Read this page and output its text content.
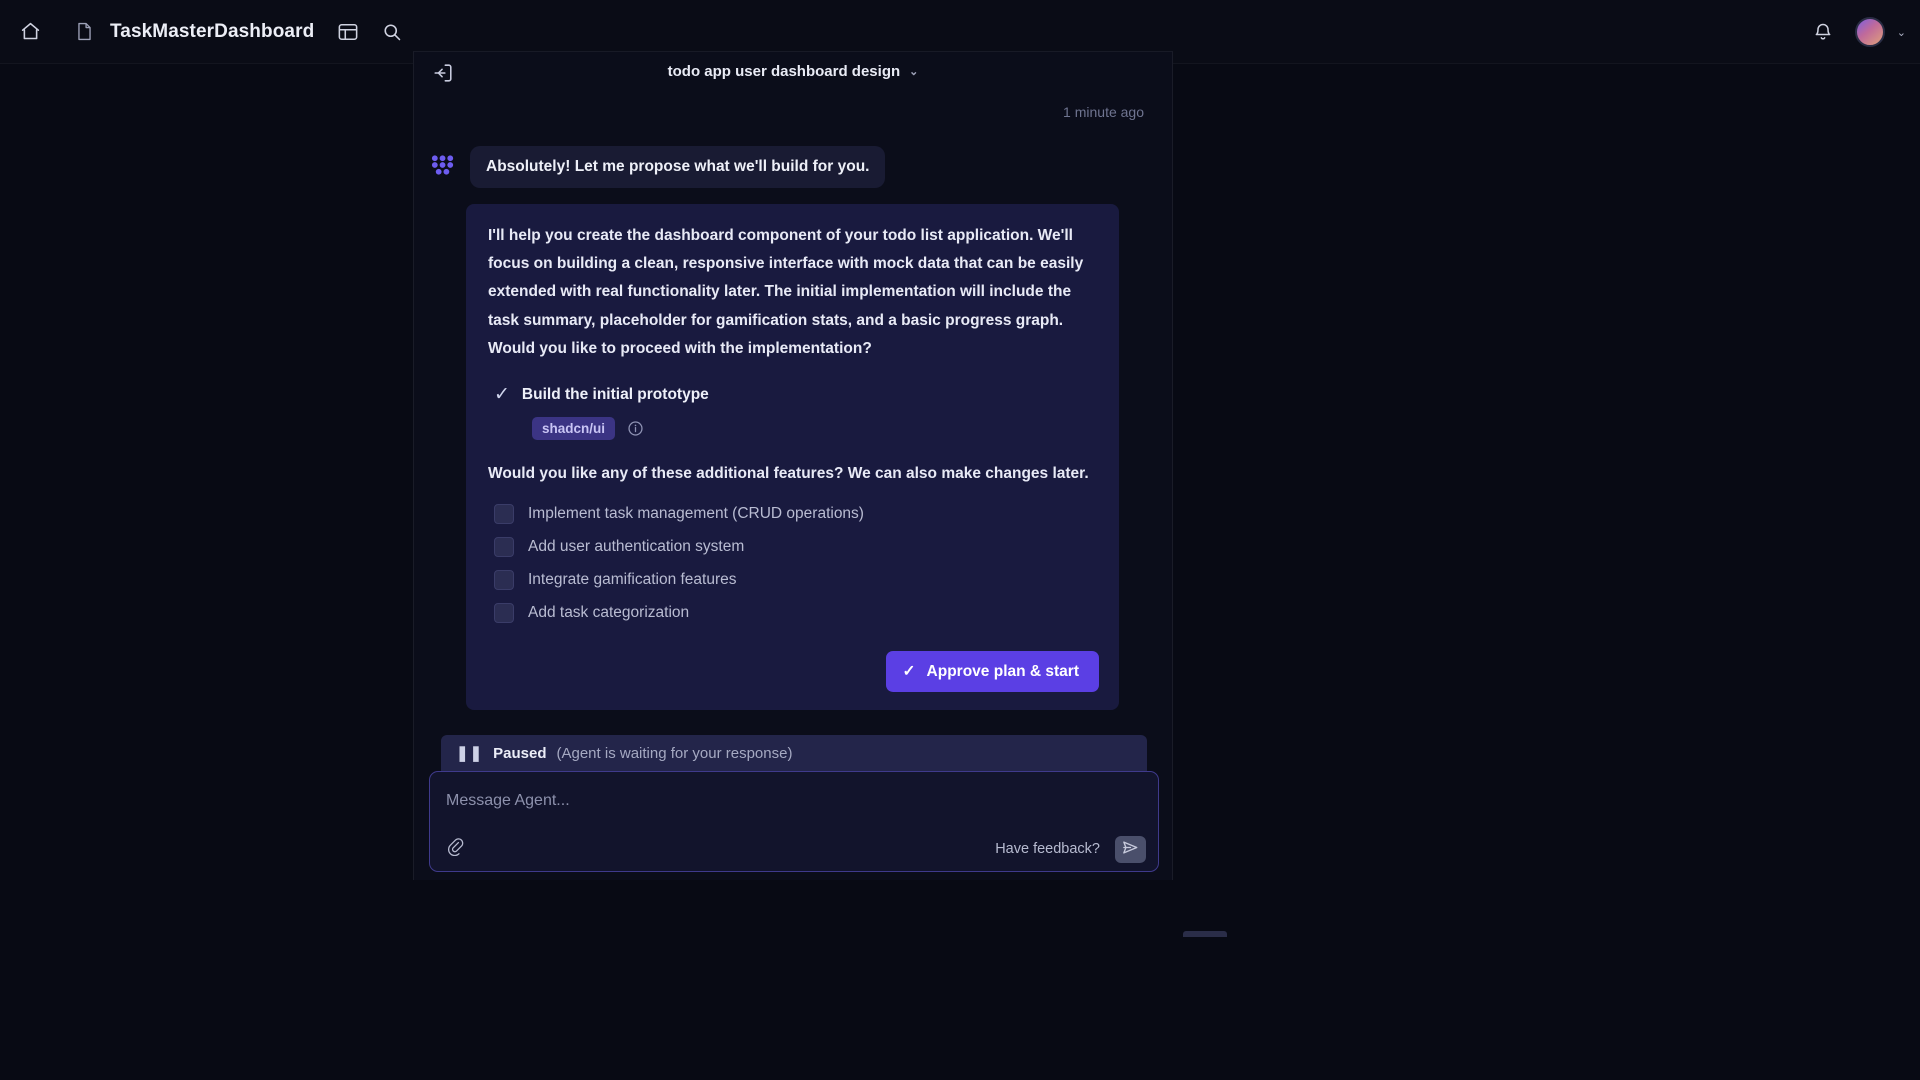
TaskMasterDashboard	⌄
todo app user dashboard design ⌄
1 minute ago
Absolutely! Let me propose what we'll build for you.

I'll help you create the dashboard component of your todo list application. We'll focus on building a clean, responsive interface with mock data that can be easily extended with real functionality later. The initial implementation will include the task summary, placeholder for gamification stats, and a basic progress graph. Would you like to proceed with the implementation?

✓ Build the initial prototype
shadcn/ui

Would you like any of these additional features? We can also make changes later.

Implement task management (CRUD operations)
Add user authentication system
Integrate gamification features
Add task categorization
✓ Approve plan & start
❚❚ Paused (Agent is waiting for your response)
Message Agent...
Have feedback?
